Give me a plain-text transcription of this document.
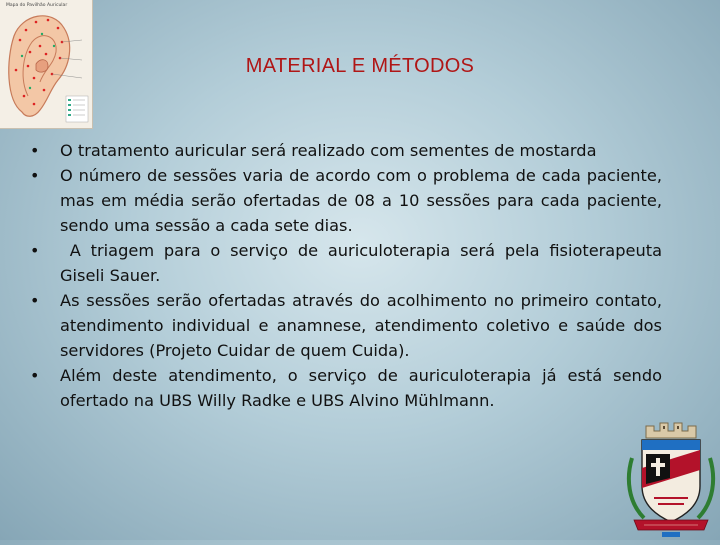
Mapa do Pavilhão Auricular
MATERIAL E MÉTODOS
• O tratamento auricular será realizado com sementes de mostarda
• O número de sessões varia de acordo com o problema de cada paciente, mas em média serão ofertadas de 08 a 10 sessões para cada paciente, sendo uma sessão a cada sete dias.
• A triagem para o serviço de auriculoterapia será pela fisioterapeuta Giseli Sauer.
• As sessões serão ofertadas através do acolhimento no primeiro contato, atendimento individual e anamnese, atendimento coletivo e saúde dos servidores (Projeto Cuidar de quem Cuida).
• Além deste atendimento, o serviço de auriculoterapia já está sendo ofertado na UBS Willy Radke e UBS Alvino Mühlmann.
